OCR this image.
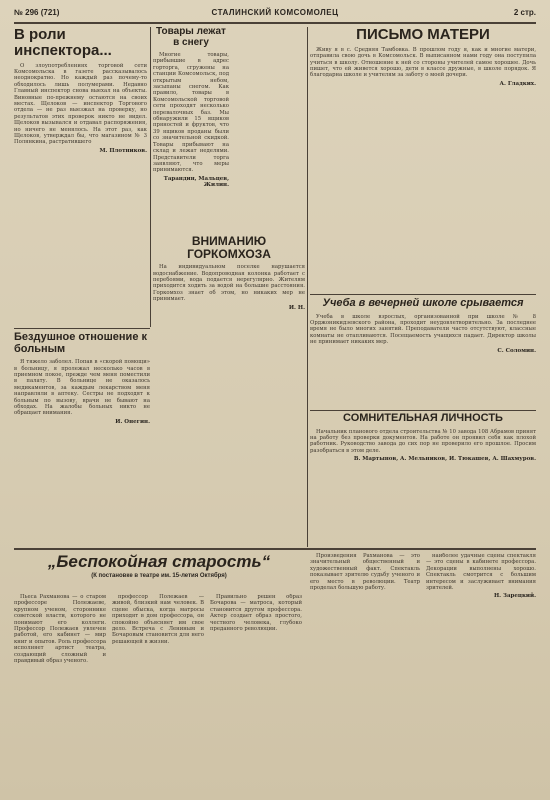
№ 296 (721)	СТАЛИНСКИЙ КОМСОМОЛЕЦ	2 стр.
В роли инспектора...

О злоупотреблениях торговой сети Комсомольска в газете рассказывалось неоднократно. Но каждый раз почему-то обходилось лишь полумерами. Недавно Главный инспектор снова выехал на объекты. Виновные по-прежнему остаются на своих местах. Щелоков — инспектор Торгового отдела — не раз выезжал на проверку, но результатов этих проверок никто не видел. Щелоков вызывался и отдавал распоряжения, но ничего не менялось. На этот раз, как Щелоков, утверждал бы, что магазином № 3 Полянкина, растратившего

М. Плотников.
Товары лежат в снегу

Многие товары, прибывшие в адрес горторга, сгружены на станции Комсомольск, под открытым небом, засыпаны снегом. Как правило, товары в Комсомольской торговой сети проходят несколько перевалочных баз. Мы обнаружили 15 ящиков пряностей и фруктов, что 39 ящиков проданы были со значительной скидкой. Товары прибывают на склад и лежат неделями. Представители торга заявляют, что меры принимаются.

Тарандин, Мальцев, Жилин.
ВНИМАНИЮ ГОРКОМХОЗА

На индивидуальном поселке нарушается водоснабжение. Водопроводная колонка работает с перебоями, вода подается нерегулярно. Жителям приходится ходить за водой на большие расстояния. Горкомхоз знает об этом, но никаких мер не принимает.

И. Н.
ПИСЬМО МАТЕРИ

Живу я в с. Средняя Тамбовка. В прошлом году я, как и многие матери, отправила свою дочь в Комсомольск. В выписанном нами году она поступила учиться в школу. Отношение к ней со стороны учителей самое хорошее. Дочь пишет, что ей живется хорошо, дети в классе дружные, в школе порядок. Я благодарна школе и учителям за заботу о моей дочери.

А. Гладких.
Учеба в вечерней школе срывается

Учеба в школе взрослых, организованной при школе № 8 Орджоникидзевского района, проходит неудовлетворительно. За последнее время не было многих занятий. Преподаватели часто отсутствуют, классные комнаты не отапливаются. Посещаемость учащихся падает. Директор школы не принимает никаких мер.

С. Соломин.
СОМНИТЕЛЬНАЯ ЛИЧНОСТЬ

Начальник планового отдела строительства № 10 завода 108 Абрамов принят на работу без проверки документов. На работе он проявил себя как плохой работник. Руководство завода до сих пор не проверило его прошлое. Просим разобраться в этом деле.

В. Мартынов, А. Мельников, И. Тюкашев, А. Шахмуров.
Бездушное отношение к больным

Я тяжело заболел. Попав в «скорой помощи» в больницу, я пролежал несколько часов в приемном покое, прежде чем меня поместили в палату. В больнице не оказалось медикаментов, за каждым лекарством меня направляли в аптеку. Сестры не подходят к больным по вызову, врачи не бывают на обходах. На жалобы больных никто не обращает внимания.

И. Онегин.
„Беспокойная старость“
(К постановке в театре им. 15-летия Октября)

Пьеса Рахманова — о старом профессоре Полежаеве, крупном ученом, стороннике советской власти, которого не понимают его коллеги. Профессор Полежаев увлечен работой, его кабинет — мир книг и опытов. Роль профессора исполняет артист театра, создающий сложный и правдивый образ ученого.

профессор Полежаев — живой, близкий нам человек. В сцене обыска, когда матросы приходят в дом профессора, он спокойно объясняет им свое дело. Встреча с Лениным и Бочаровым становится для него решающей в жизни.

Правильно решен образ Бочарова — матроса, который становится другом профессора. Актер создает образ простого, честного человека, глубоко преданного революции.

Произведения Рахманова — это значительный общественный и художественный факт. Спектакль показывает зрителю судьбу ученого и его место в революции. Театр проделал большую работу.

наиболее удачные сцены спектакля — это сцены в кабинете профессора. Декорации выполнены хорошо. Спектакль смотрится с большим интересом и заслуживает внимания зрителей.

Н. Зарецкий.
